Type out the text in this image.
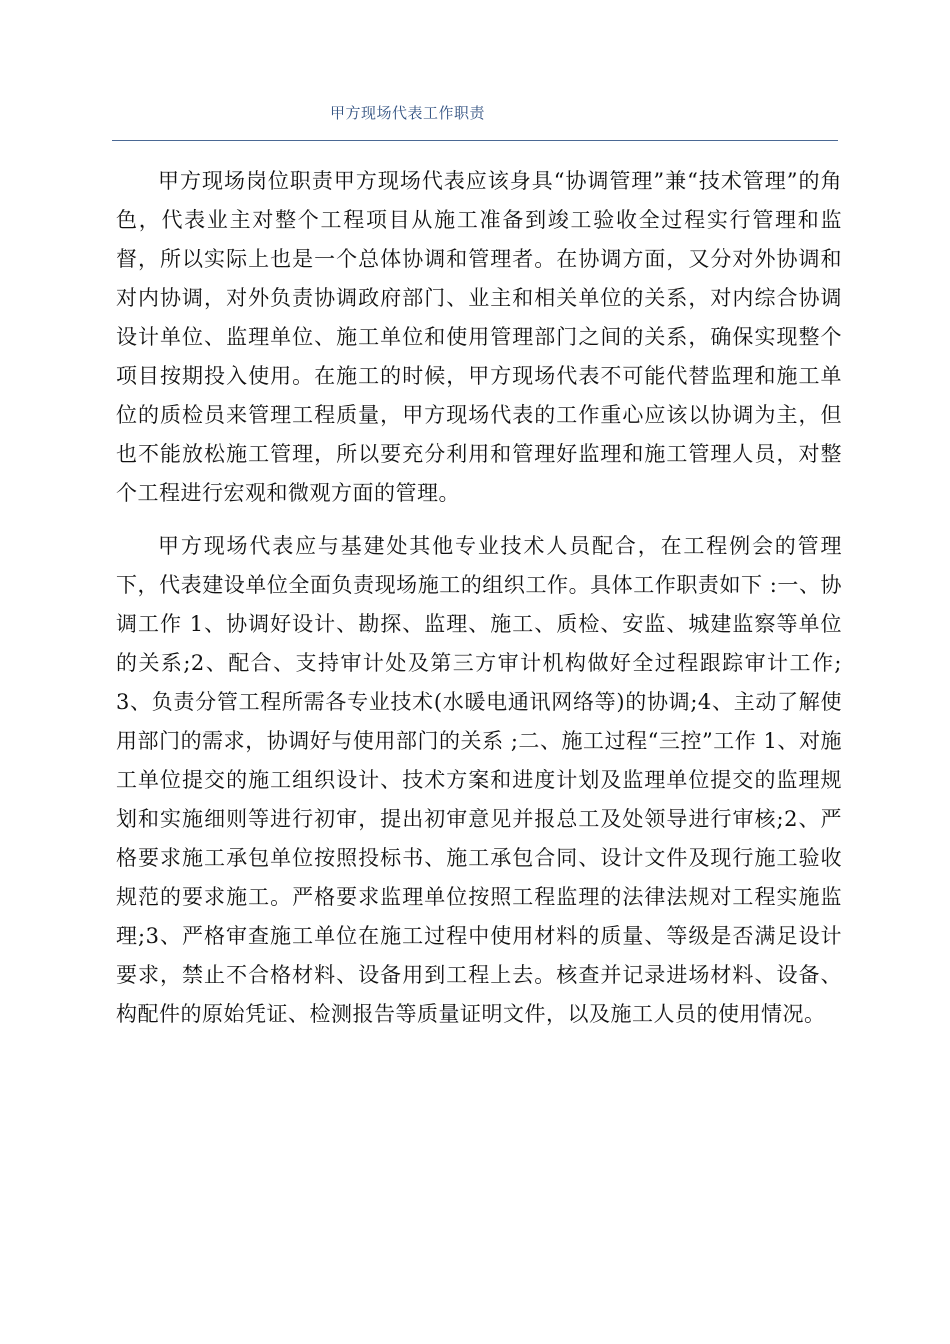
甲方现场代表工作职责

甲方现场岗位职责甲方现场代表应该身具“协调管理”兼“技术管理”的角色，代表业主对整个工程项目从施工准备到竣工验收全过程实行管理和监督，所以实际上也是一个总体协调和管理者。在协调方面，又分对外协调和对内协调，对外负责协调政府部门、业主和相关单位的关系，对内综合协调设计单位、监理单位、施工单位和使用管理部门之间的关系，确保实现整个项目按期投入使用。在施工的时候，甲方现场代表不可能代替监理和施工单位的质检员来管理工程质量，甲方现场代表的工作重心应该以协调为主，但也不能放松施工管理，所以要充分利用和管理好监理和施工管理人员，对整个工程进行宏观和微观方面的管理。

甲方现场代表应与基建处其他专业技术人员配合，在工程例会的管理下，代表建设单位全面负责现场施工的组织工作。具体工作职责如下 :一、协调工作 1、协调好设计、勘探、监理、施工、质检、安监、城建监察等单位的关系;2、配合、支持审计处及第三方审计机构做好全过程跟踪审计工作;3、负责分管工程所需各专业技术(水暖电通讯网络等)的协调;4、主动了解使用部门的需求，协调好与使用部门的关系 ;二、施工过程“三控”工作 1、对施工单位提交的施工组织设计、技术方案和进度计划及监理单位提交的监理规划和实施细则等进行初审，提出初审意见并报总工及处领导进行审核;2、严格要求施工承包单位按照投标书、施工承包合同、设计文件及现行施工验收规范的要求施工。严格要求监理单位按照工程监理的法律法规对工程实施监理;3、严格审查施工单位在施工过程中使用材料的质量、等级是否满足设计要求，禁止不合格材料、设备用到工程上去。核查并记录进场材料、设备、构配件的原始凭证、检测报告等质量证明文件，以及施工人员的使用情况。
